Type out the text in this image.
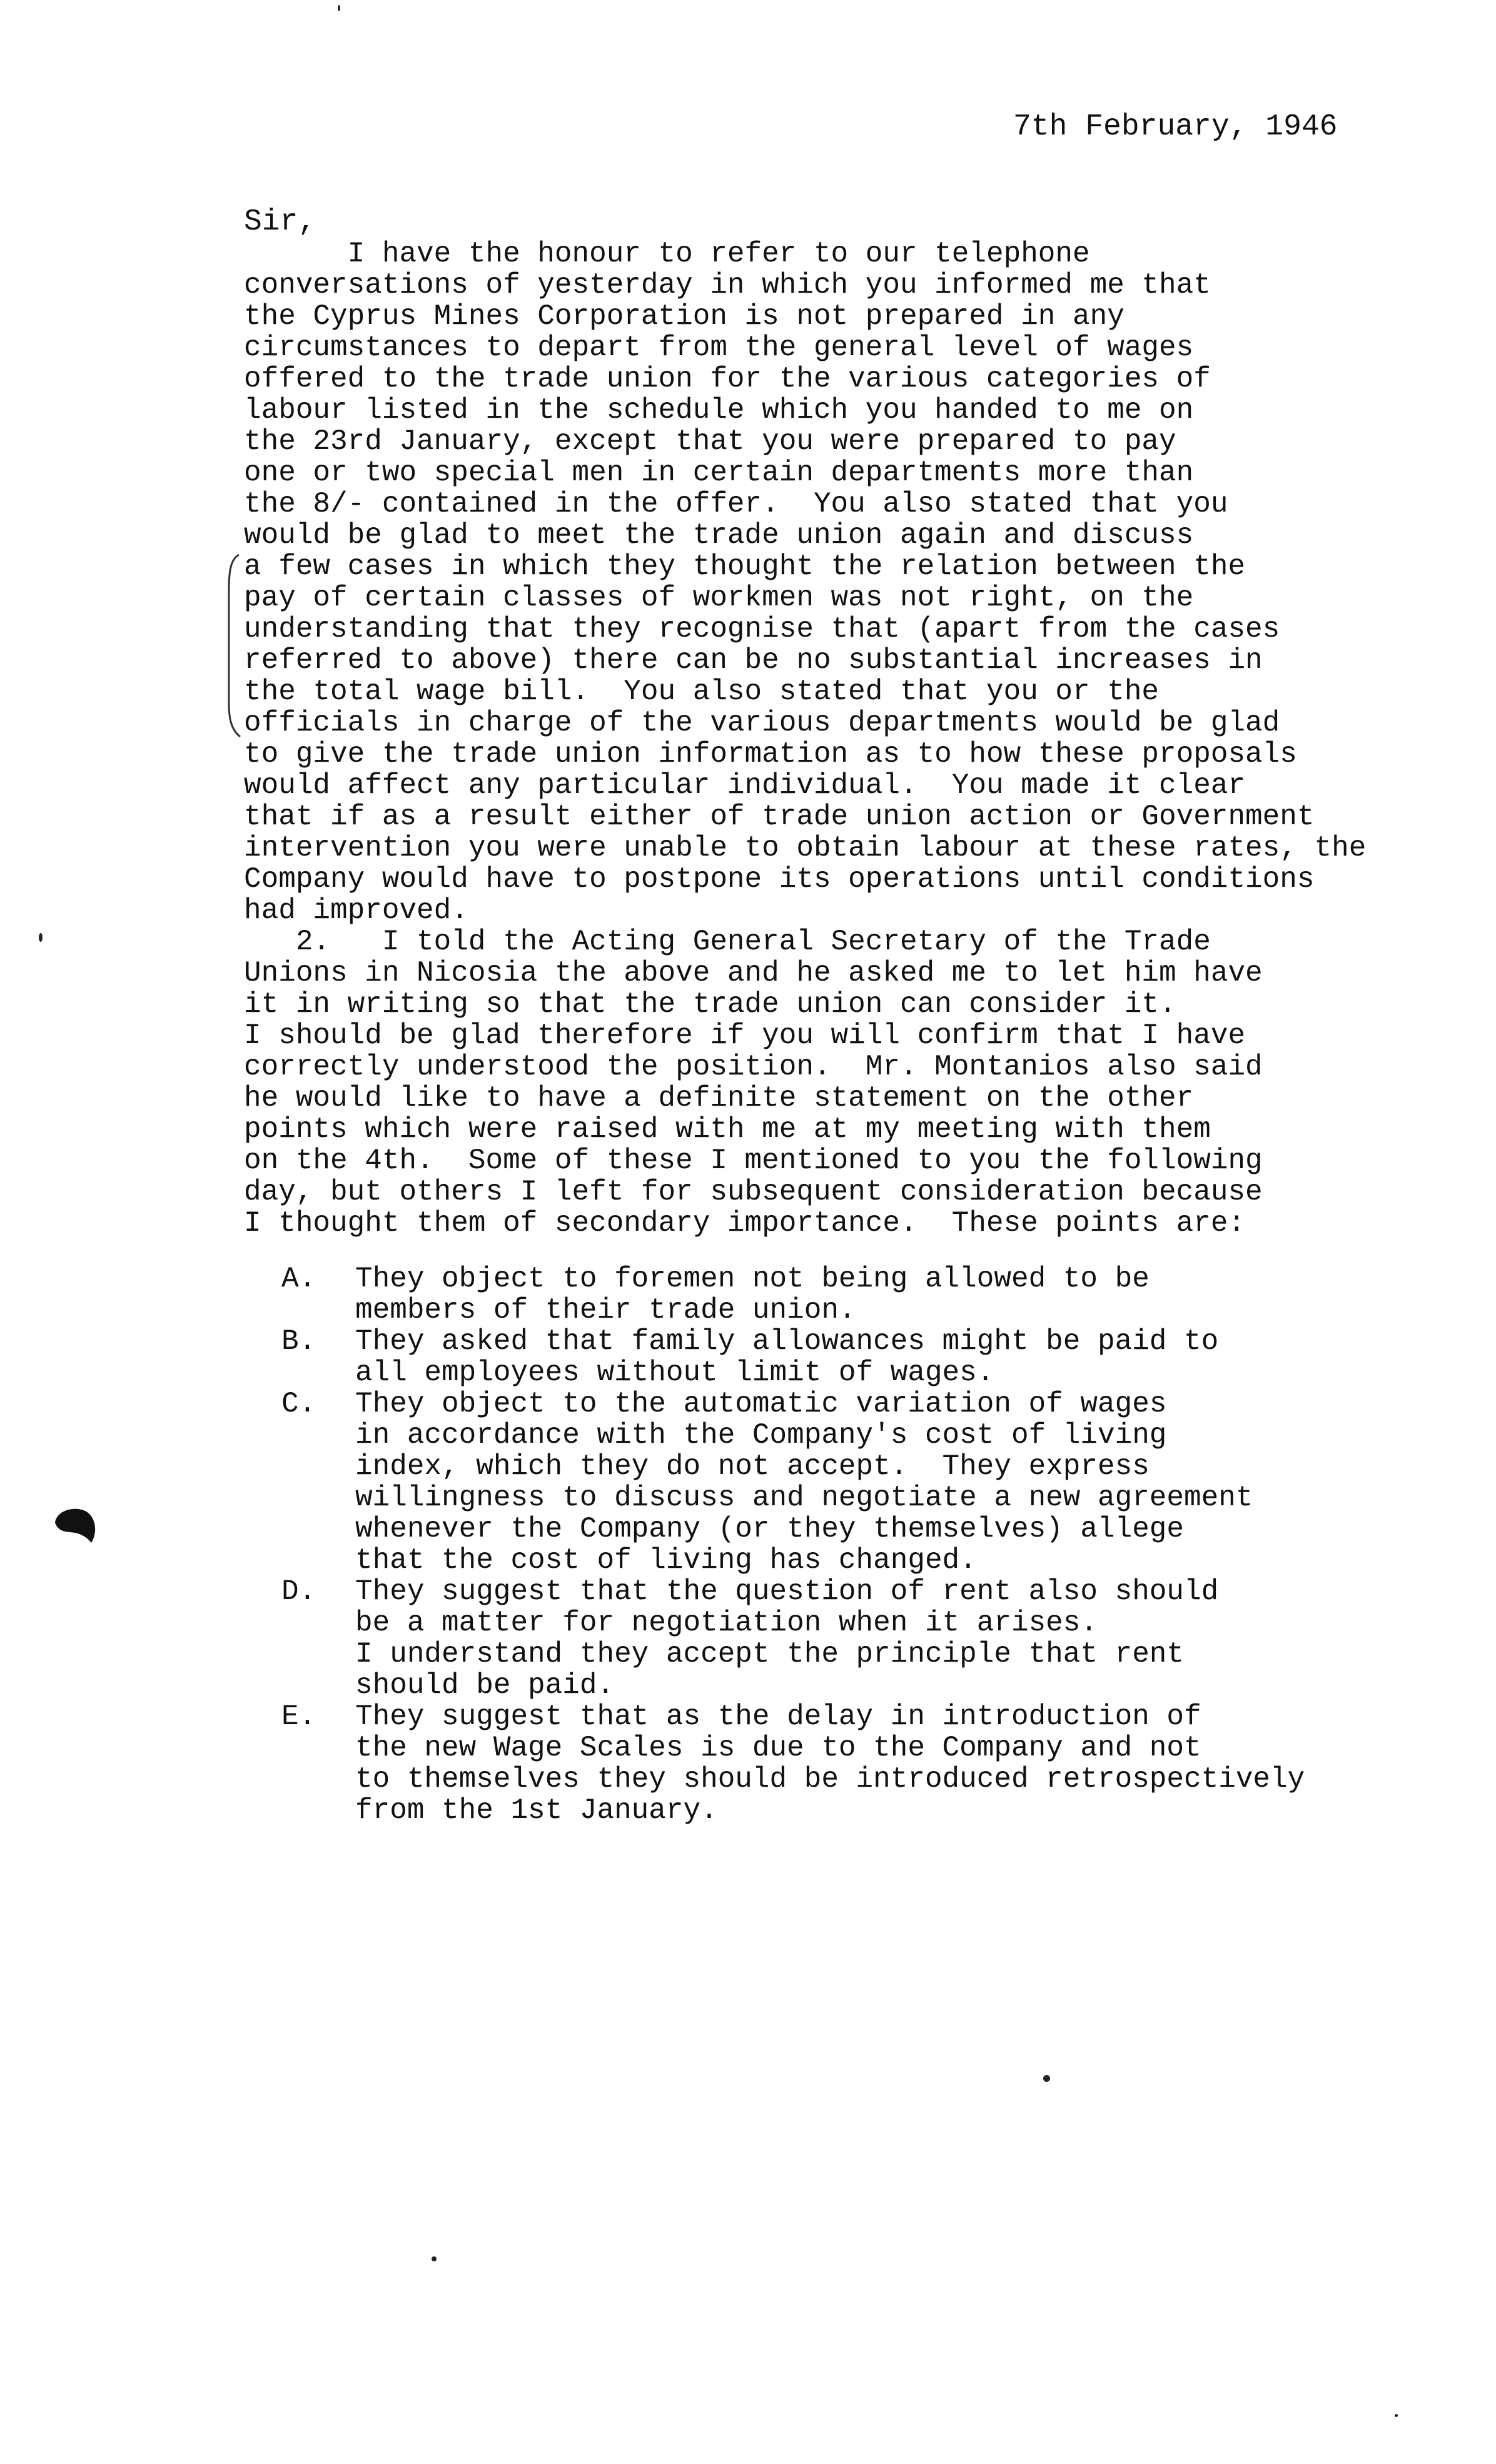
7th February, 1946
Sir,
I have the honour to refer to our telephone
conversations of yesterday in which you informed me that
the Cyprus Mines Corporation is not prepared in any
circumstances to depart from the general level of wages
offered to the trade union for the various categories of
labour listed in the schedule which you handed to me on
the 23rd January, except that you were prepared to pay
one or two special men in certain departments more than
the 8/- contained in the offer.  You also stated that you
would be glad to meet the trade union again and discuss
a few cases in which they thought the relation between the
pay of certain classes of workmen was not right, on the
understanding that they recognise that (apart from the cases
referred to above) there can be no substantial increases in
the total wage bill.  You also stated that you or the
officials in charge of the various departments would be glad
to give the trade union information as to how these proposals
would affect any particular individual.  You made it clear
that if as a result either of trade union action or Government
intervention you were unable to obtain labour at these rates, the
Company would have to postpone its operations until conditions
had improved.
2.   I told the Acting General Secretary of the Trade
Unions in Nicosia the above and he asked me to let him have
it in writing so that the trade union can consider it.
I should be glad therefore if you will confirm that I have
correctly understood the position.  Mr. Montanios also said
he would like to have a definite statement on the other
points which were raised with me at my meeting with them
on the 4th.  Some of these I mentioned to you the following
day, but others I left for subsequent consideration because
I thought them of secondary importance.  These points are:
A.	They object to foremen not being allowed to be
members of their trade union.
B.	They asked that family allowances might be paid to
all employees without limit of wages.
C.	They object to the automatic variation of wages
in accordance with the Company's cost of living
index, which they do not accept.  They express
willingness to discuss and negotiate a new agreement
whenever the Company (or they themselves) allege
that the cost of living has changed.
D.	They suggest that the question of rent also should
be a matter for negotiation when it arises.
I understand they accept the principle that rent
should be paid.
E.	They suggest that as the delay in introduction of
the new Wage Scales is due to the Company and not
to themselves they should be introduced retrospectively
from the 1st January.
